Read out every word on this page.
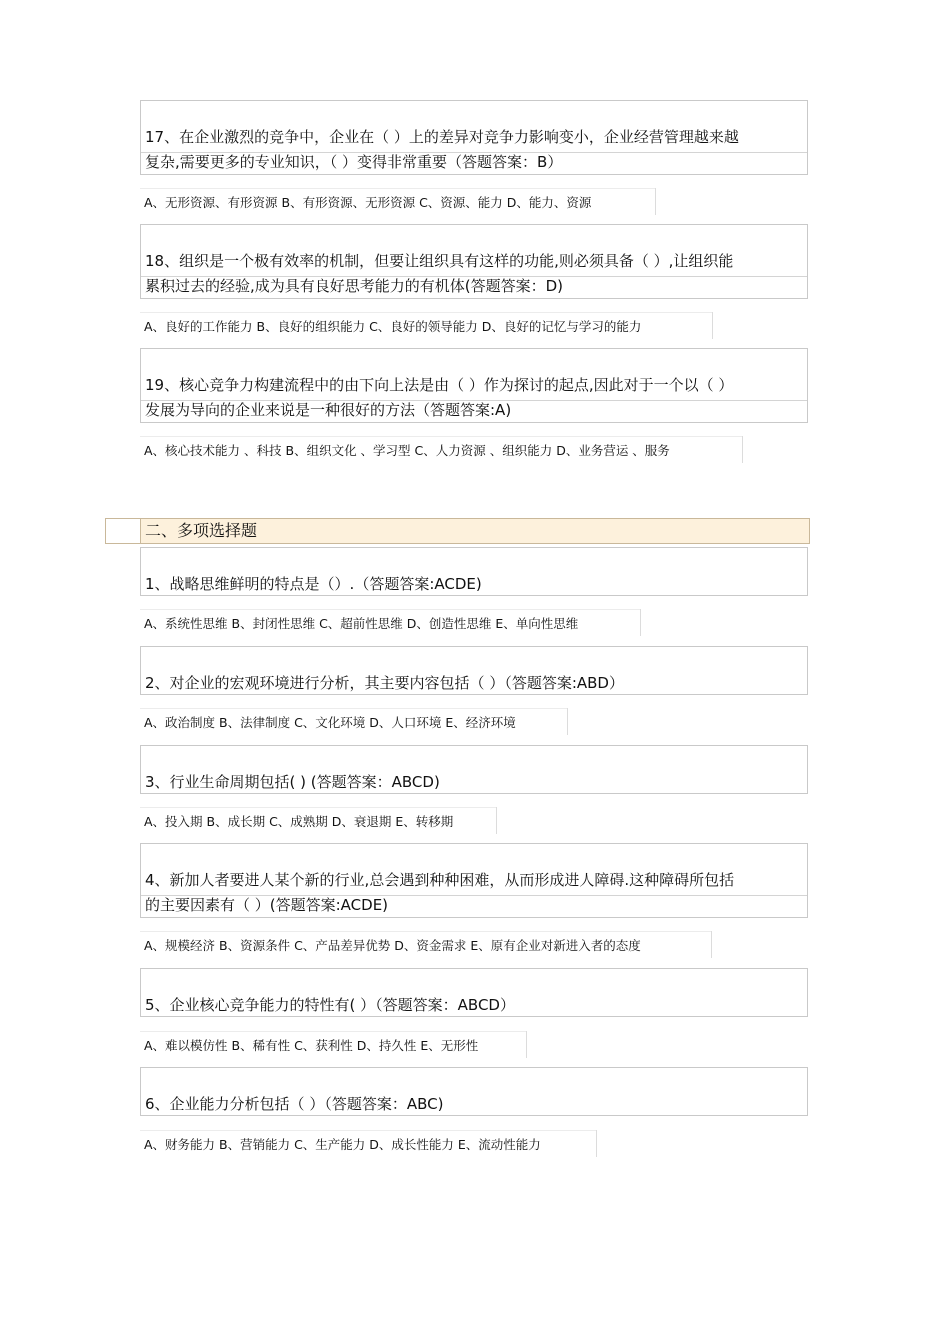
17、在企业激烈的竞争中，企业在（ ）上的差异对竞争力影响变小，企业经营管理越来越
复杂,需要更多的专业知识，（ ）变得非常重要（答题答案：B）
A、无形资源、有形资源 B、有形资源、无形资源 C、资源、能力 D、能力、资源
18、组织是一个极有效率的机制，但要让组织具有这样的功能,则必须具备（ ）,让组织能
累积过去的经验,成为具有良好思考能力的有机体(答题答案：D)
A、良好的工作能力 B、良好的组织能力 C、良好的领导能力 D、良好的记忆与学习的能力
19、核心竞争力构建流程中的由下向上法是由（ ）作为探讨的起点,因此对于一个以（ ）
发展为导向的企业来说是一种很好的方法（答题答案:A)
A、核心技术能力 、科技 B、组织文化 、学习型 C、人力资源 、组织能力 D、业务营运 、服务
二、多项选择题
1、战略思维鲜明的特点是（）.（答题答案:ACDE)
A、系统性思维 B、封闭性思维 C、超前性思维 D、创造性思维 E、单向性思维
2、对企业的宏观环境进行分析，其主要内容包括（ ）（答题答案:ABD）
A、政治制度 B、法律制度 C、文化环境 D、人口环境 E、经济环境
3、行业生命周期包括( ) (答题答案：ABCD)
A、投入期 B、成长期 C、成熟期 D、衰退期 E、转移期
4、新加人者要进人某个新的行业,总会遇到种种困难，从而形成进人障碍.这种障碍所包括
的主要因素有（ ）(答题答案:ACDE)
A、规模经济 B、资源条件 C、产品差异优势 D、资金需求 E、原有企业对新进入者的态度
5、企业核心竞争能力的特性有( ）（答题答案：ABCD）
A、难以模仿性 B、稀有性 C、获利性 D、持久性 E、无形性
6、企业能力分析包括（ ）（答题答案：ABC)
A、财务能力 B、营销能力 C、生产能力 D、成长性能力 E、流动性能力
